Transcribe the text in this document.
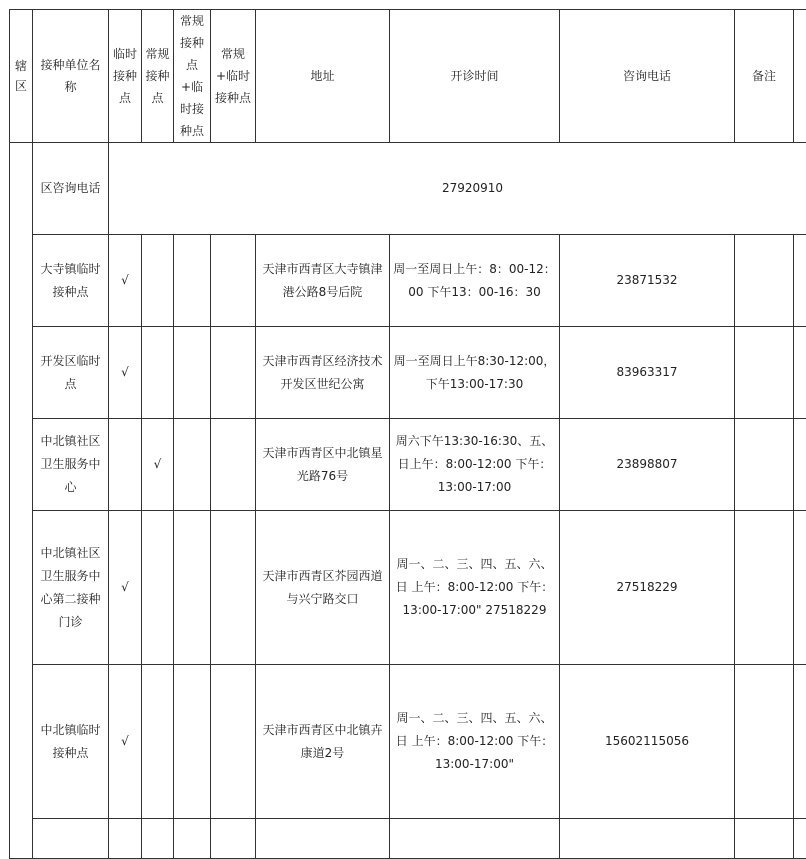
辖区	接种单位名称	临时接种点	常规接种点	常规接种点+临时接种点	常规+临时接种点	地址	开诊时间	咨询电话	备注	
	区咨询电话	27920910								
	大寺镇临时接种点	√				天津市西青区大寺镇津港公路8号后院	周一至周日上午：8：00-12：00 下午13：00-16：30	23871532		
	开发区临时点	√				天津市西青区经济技术开发区世纪公寓	周一至周日上午8:30-12:00，下午13:00-17:30	83963317		
	中北镇社区卫生服务中心		√			天津市西青区中北镇星光路76号	周六下午13:30-16:30、五、日上午：8:00-12:00 下午：13:00-17:00	23898807		
	中北镇社区卫生服务中心第二接种门诊	√				天津市西青区芥园西道与兴宁路交口	周一、二、三、四、五、六、日 上午：8:00-12:00 下午：13:00-17:00" 27518229	27518229		
	中北镇临时接种点	√				天津市西青区中北镇卉康道2号	周一、二、三、四、五、六、日 上午：8:00-12:00 下午：13:00-17:00"	15602115056		
